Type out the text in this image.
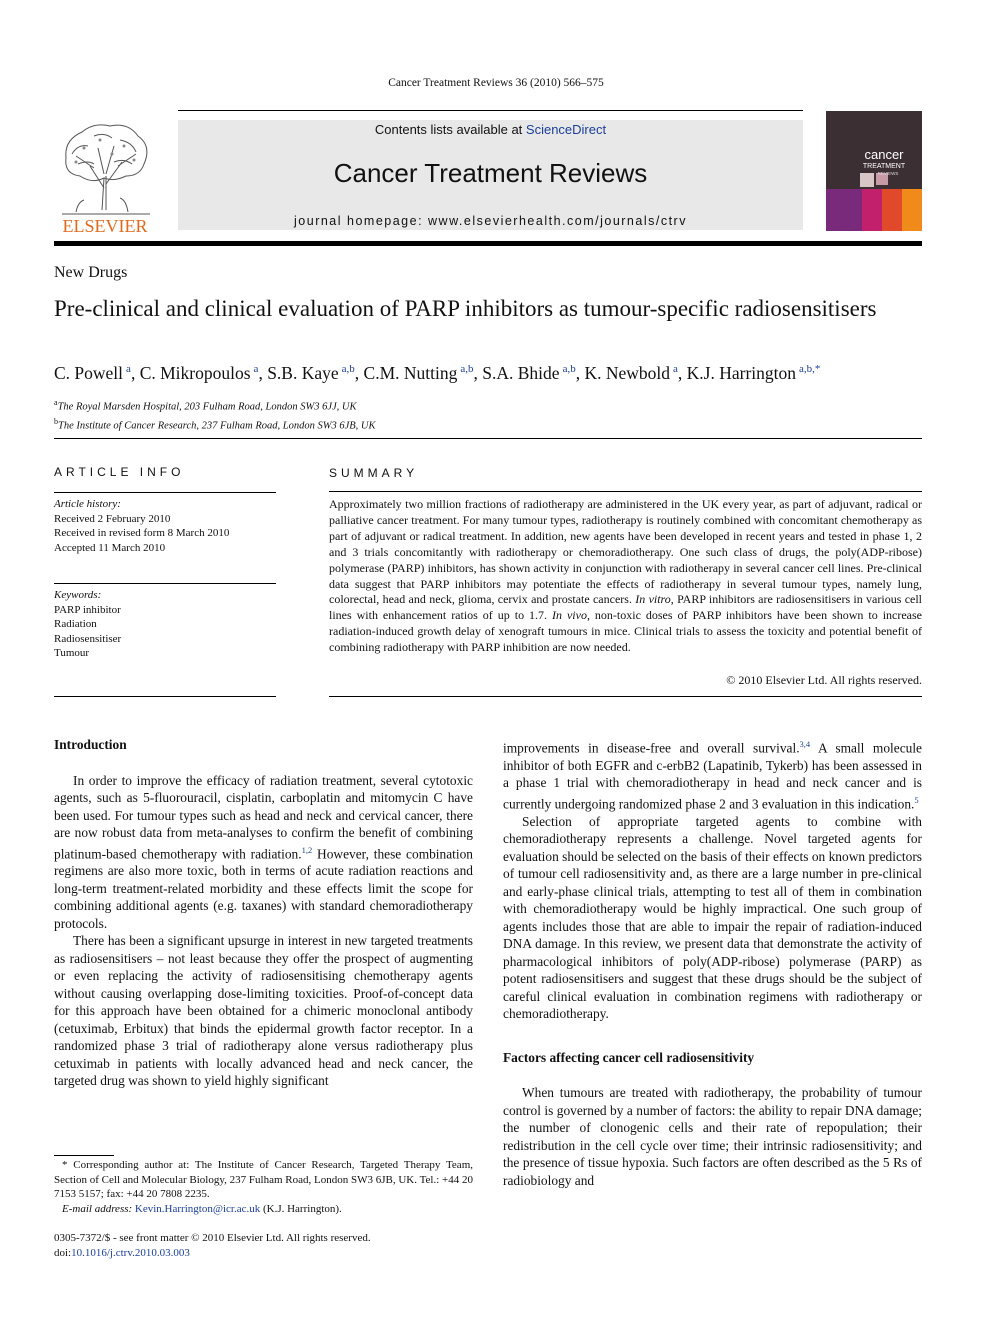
Cancer Treatment Reviews 36 (2010) 566–575
ELSEVIER
Contents lists available at ScienceDirect
Cancer Treatment Reviews
journal homepage: www.elsevierhealth.com/journals/ctrv
cancer
TREATMENT
REVIEWS
New Drugs
Pre-clinical and clinical evaluation of PARP inhibitors as tumour-specific radiosensitisers
C. Powell $^a$, C. Mikropoulos $^a$, S.B. Kaye $^{a,b}$, C.M. Nutting $^{a,b}$, S.A. Bhide $^{a,b}$, K. Newbold $^a$, K.J. Harrington $^{a,b,*}$
$^a$The Royal Marsden Hospital, 203 Fulham Road, London SW3 6JJ, UK
$^b$The Institute of Cancer Research, 237 Fulham Road, London SW3 6JB, UK
ARTICLE INFO	SUMMARY
Article history:
Received 2 February 2010
Received in revised form 8 March 2010
Accepted 11 March 2010
Keywords:
PARP inhibitor
Radiation
Radiosensitiser
Tumour
Approximately two million fractions of radiotherapy are administered in the UK every year, as part of adjuvant, radical or palliative cancer treatment. For many tumour types, radiotherapy is routinely combined with concomitant chemotherapy as part of adjuvant or radical treatment. In addition, new agents have been developed in recent years and tested in phase 1, 2 and 3 trials concomitantly with radiotherapy or chemoradiotherapy. One such class of drugs, the poly(ADP-ribose) polymerase (PARP) inhibitors, has shown activity in conjunction with radiotherapy in several cancer cell lines. Pre-clinical data suggest that PARP inhibitors may potentiate the effects of radiotherapy in several tumour types, namely lung, colorectal, head and neck, glioma, cervix and prostate cancers. In vitro, PARP inhibitors are radiosensitisers in various cell lines with enhancement ratios of up to 1.7. In vivo, non-toxic doses of PARP inhibitors have been shown to increase radiation-induced growth delay of xenograft tumours in mice. Clinical trials to assess the toxicity and potential benefit of combining radiotherapy with PARP inhibition are now needed.
© 2010 Elsevier Ltd. All rights reserved.
Introduction

In order to improve the efficacy of radiation treatment, several cytotoxic agents, such as 5-fluorouracil, cisplatin, carboplatin and mitomycin C have been used. For tumour types such as head and neck and cervical cancer, there are now robust data from meta-analyses to confirm the benefit of combining platinum-based chemotherapy with radiation.$^{1,2}$ However, these combination regimens are also more toxic, both in terms of acute radiation reactions and long-term treatment-related morbidity and these effects limit the scope for combining additional agents (e.g. taxanes) with standard chemoradiotherapy protocols.

There has been a significant upsurge in interest in new targeted treatments as radiosensitisers – not least because they offer the prospect of augmenting or even replacing the activity of radiosensitising chemotherapy agents without causing overlapping dose-limiting toxicities. Proof-of-concept data for this approach have been obtained for a chimeric monoclonal antibody (cetuximab, Erbitux) that binds the epidermal growth factor receptor. In a randomized phase 3 trial of radiotherapy alone versus radiotherapy plus cetuximab in patients with locally advanced head and neck cancer, the targeted drug was shown to yield highly significant

improvements in disease-free and overall survival.$^{3,4}$ A small molecule inhibitor of both EGFR and c-erbB2 (Lapatinib, Tykerb) has been assessed in a phase 1 trial with chemoradiotherapy in head and neck cancer and is currently undergoing randomized phase 2 and 3 evaluation in this indication.$^5$

Selection of appropriate targeted agents to combine with chemoradiotherapy represents a challenge. Novel targeted agents for evaluation should be selected on the basis of their effects on known predictors of tumour cell radiosensitivity and, as there are a large number in pre-clinical and early-phase clinical trials, attempting to test all of them in combination with chemoradiotherapy would be highly impractical. One such group of agents includes those that are able to impair the repair of radiation-induced DNA damage. In this review, we present data that demonstrate the activity of pharmacological inhibitors of poly(ADP-ribose) polymerase (PARP) as potent radiosensitisers and suggest that these drugs should be the subject of careful clinical evaluation in combination regimens with radiotherapy or chemoradiotherapy.

Factors affecting cancer cell radiosensitivity

When tumours are treated with radiotherapy, the probability of tumour control is governed by a number of factors: the ability to repair DNA damage; the number of clonogenic cells and their rate of repopulation; their redistribution in the cell cycle over time; their intrinsic radiosensitivity; and the presence of tissue hypoxia. Such factors are often described as the 5 Rs of radiobiology and

* Corresponding author at: The Institute of Cancer Research, Targeted Therapy Team, Section of Cell and Molecular Biology, 237 Fulham Road, London SW3 6JB, UK. Tel.: +44 20 7153 5157; fax: +44 20 7808 2235.
E-mail address: Kevin.Harrington@icr.ac.uk (K.J. Harrington).
0305-7372/$ - see front matter © 2010 Elsevier Ltd. All rights reserved.
doi:10.1016/j.ctrv.2010.03.003
